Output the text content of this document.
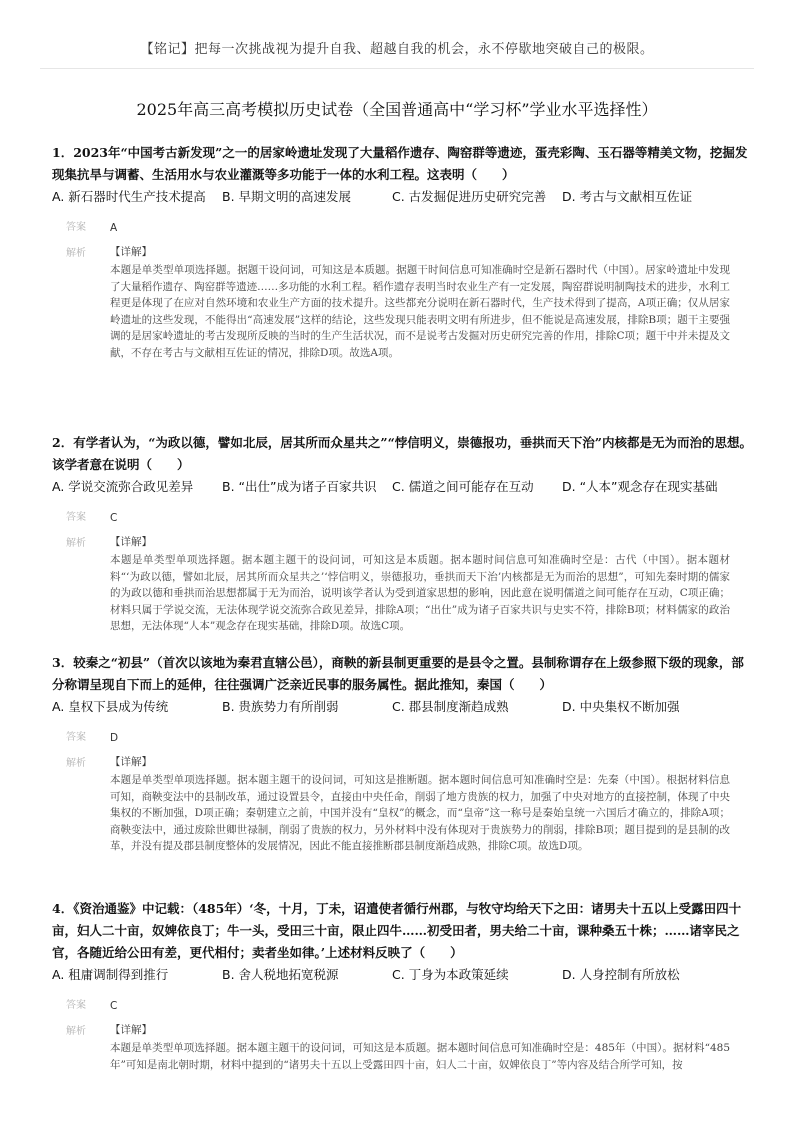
【铭记】把每一次挑战视为提升自我、超越自我的机会，永不停歇地突破自己的极限。
2025年高三高考模拟历史试卷（全国普通高中“学习杯”学业水平选择性）

1．2023年“中国考古新发现”之一的居家岭遗址发现了大量稻作遗存、陶窑群等遗迹，蛋壳彩陶、玉石器等精美文物，挖掘发现集抗旱与调蓄、生活用水与农业灌溉等多功能于一体的水利工程。这表明（　　）

A. 新石器时代生产技术提高	B. 早期文明的高速发展	C. 古发掘促进历史研究完善	D. 考古与文献相互佐证
答案	A
解析	【详解】

本题是单类型单项选择题。据题干设问词，可知这是本质题。据题干时间信息可知准确时空是新石器时代（中国）。居家岭遗址中发现了大量稻作遗存、陶窑群等遗迹……多功能的水利工程。稻作遗存表明当时农业生产有一定发展，陶窑群说明制陶技术的进步，水利工程更是体现了在应对自然环境和农业生产方面的技术提升。这些都充分说明在新石器时代，生产技术得到了提高，A项正确；仅从居家岭遗址的这些发现，不能得出“高速发展”这样的结论，这些发现只能表明文明有所进步，但不能说是高速发展，排除B项；题干主要强调的是居家岭遗址的考古发现所反映的当时的生产生活状况，而不是说考古发掘对历史研究完善的作用，排除C项；题干中并未提及文献，不存在考古与文献相互佐证的情况，排除D项。故选A项。

2．有学者认为，“为政以德，譬如北辰，居其所而众星共之”“悖信明义，崇德报功，垂拱而天下治”内核都是无为而治的思想。该学者意在说明（　　）

A. 学说交流弥合政见差异	B. “出仕”成为诸子百家共识	C. 儒道之间可能存在互动	D. “人本”观念存在现实基础
答案	C
解析	【详解】

本题是单类型单项选择题。据本题主题干的设问词，可知这是本质题。据本题时间信息可知准确时空是：古代（中国）。据本题材料“‘为政以德，譬如北辰，居其所而众星共之’‘悖信明义，崇德报功，垂拱而天下治’内核都是无为而治的思想”，可知先秦时期的儒家的为政以德和垂拱而治思想都属于无为而治，说明该学者认为受到道家思想的影响，因此意在说明儒道之间可能存在互动，C项正确；材料只属于学说交流，无法体现学说交流弥合政见差异，排除A项；“出仕”成为诸子百家共识与史实不符，排除B项；材料儒家的政治思想，无法体现“人本”观念存在现实基础，排除D项。故选C项。

3．较秦之“初县”（首次以该地为秦君直辖公邑），商鞅的新县制更重要的是县令之置。县制称谓存在上级参照下级的现象，部分称谓呈现自下而上的延伸，往往强调广泛亲近民事的服务属性。据此推知，秦国（　　）

A. 皇权下县成为传统	B. 贵族势力有所削弱	C. 郡县制度渐趋成熟	D. 中央集权不断加强
答案	D
解析	【详解】

本题是单类型单项选择题。据本题主题干的设问词，可知这是推断题。据本题时间信息可知准确时空是：先秦（中国）。根据材料信息可知，商鞅变法中的县制改革，通过设置县令，直接由中央任命，削弱了地方贵族的权力，加强了中央对地方的直接控制，体现了中央集权的不断加强，D项正确；秦朝建立之前，中国并没有“皇权”的概念，而“皇帝”这一称号是秦始皇统一六国后才确立的，排除A项；商鞅变法中，通过废除世卿世禄制，削弱了贵族的权力，另外材料中没有体现对于贵族势力的削弱，排除B项；题目提到的是县制的改革，并没有提及郡县制度整体的发展情况，因此不能直接推断郡县制度渐趋成熟，排除C项。故选D项。

4．《资治通鉴》中记载：（485年）‘冬，十月，丁未，诏遣使者循行州郡，与牧守均给天下之田：诸男夫十五以上受露田四十亩，妇人二十亩，奴婢依良丁；牛一头，受田三十亩，限止四牛……初受田者，男夫给二十亩，课种桑五十株；……诸宰民之官，各随近给公田有差，更代相付；卖者坐如律。’上述材料反映了（　　）

A. 租庸调制得到推行	B. 舍人税地拓宽税源	C. 丁身为本政策延续	D. 人身控制有所放松
答案	C
解析	【详解】

本题是单类型单项选择题。据本题主题干的设问词，可知这是本质题。据本题时间信息可知准确时空是：485年（中国）。据材料“485年”可知是南北朝时期，材料中提到的“诸男夫十五以上受露田四十亩，妇人二十亩，奴婢依良丁”等内容及结合所学可知，按
